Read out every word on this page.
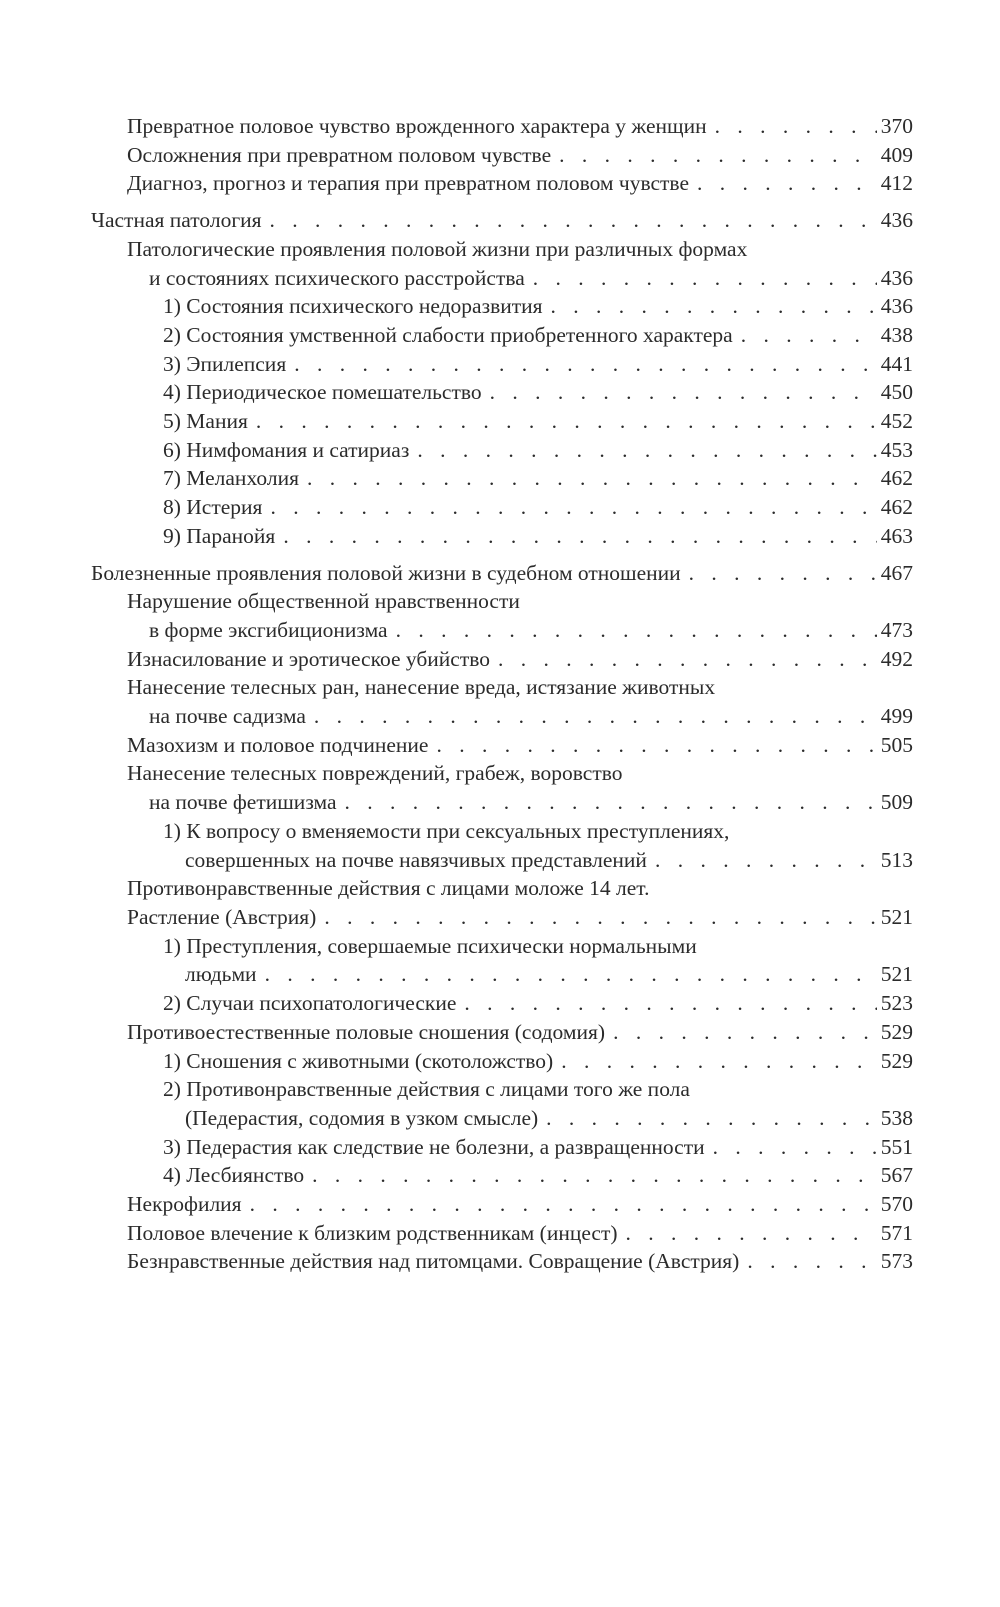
Превратное половое чувство врожденного характера у женщин . . .	370
Осложнения при превратном половом чувстве . . .	409
Диагноз, прогноз и терапия при превратном половом чувстве . . .	412
Частная патология . . .	436
Патологические проявления половой жизни при различных формах
и состояниях психического расстройства . . .	436
1) Состояния психического недоразвития . . .	436
2) Состояния умственной слабости приобретенного характера . . .	438
3) Эпилепсия . . .	441
4) Периодическое помешательство . . .	450
5) Мания . . .	452
6) Нимфомания и сатириаз . . .	453
7) Меланхолия . . .	462
8) Истерия . . .	462
9) Паранойя . . .	463
Болезненные проявления половой жизни в судебном отношении . . .	467
Нарушение общественной нравственности
в форме эксгибиционизма . . .	473
Изнасилование и эротическое убийство . . .	492
Нанесение телесных ран, нанесение вреда, истязание животных
на почве садизма . . .	499
Мазохизм и половое подчинение . . .	505
Нанесение телесных повреждений, грабеж, воровство
на почве фетишизма . . .	509
1) К вопросу о вменяемости при сексуальных преступлениях,
совершенных на почве навязчивых представлений . . .	513
Противонравственные действия с лицами моложе 14 лет.
Растление (Австрия) . . .	521
1) Преступления, совершаемые психически нормальными
людьми . . .	521
2) Случаи психопатологические . . .	523
Противоестественные половые сношения (содомия) . . .	529
1) Сношения с животными (скотоложство) . . .	529
2) Противонравственные действия с лицами того же пола
(Педерастия, содомия в узком смысле) . . .	538
3) Педерастия как следствие не болезни, а развращенности . . .	551
4) Лесбиянство . . .	567
Некрофилия . . .	570
Половое влечение к близким родственникам (инцест) . . .	571
Безнравственные действия над питомцами. Совращение (Австрия) . . .	573
